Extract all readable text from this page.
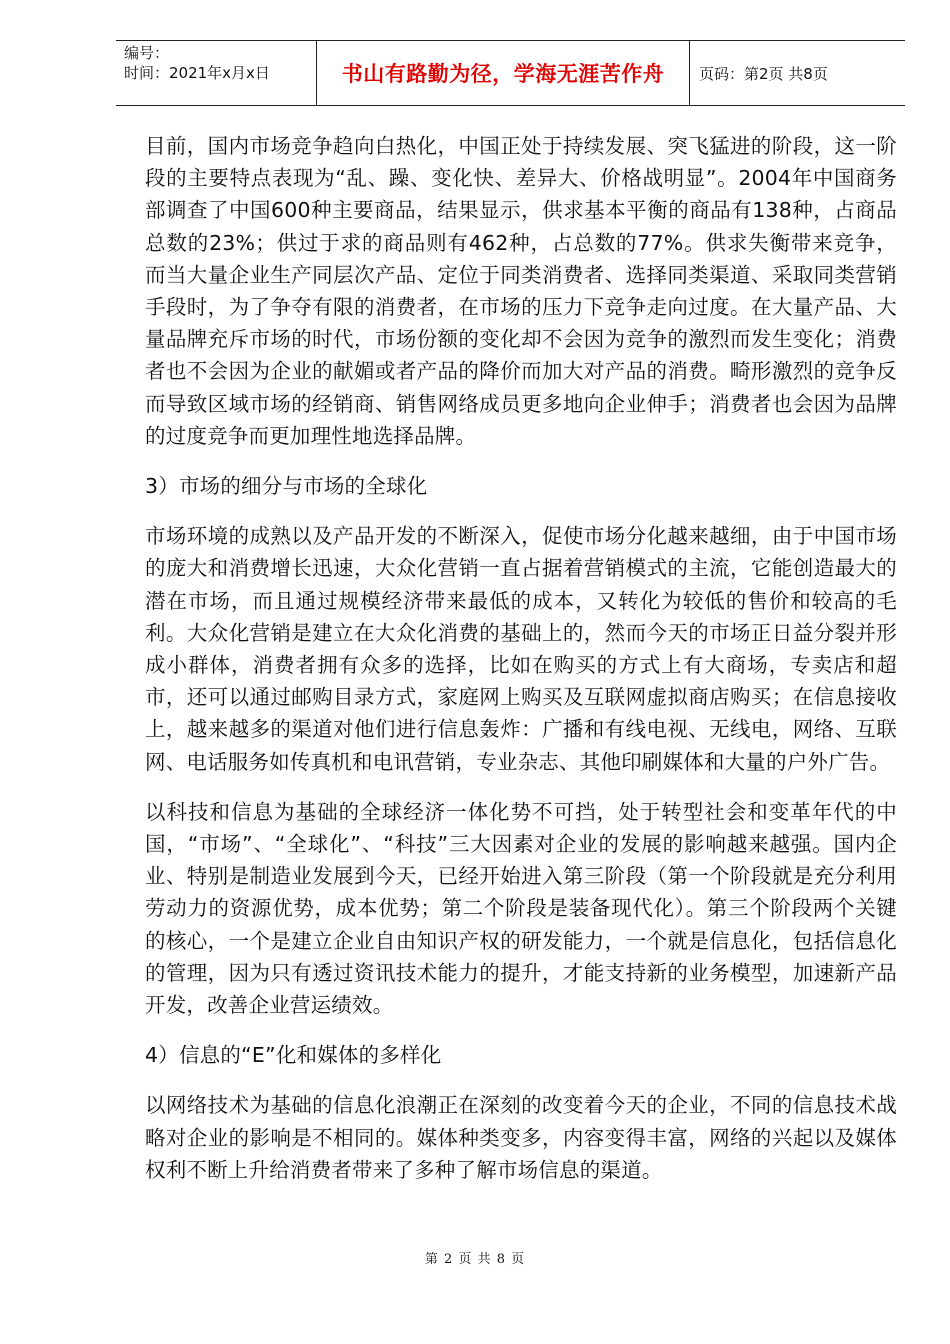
编号：
时间：2021年x月x日	书山有路勤为径，学海无涯苦作舟	页码：第2页 共8页

目前，国内市场竞争趋向白热化，中国正处于持续发展、突飞猛进的阶段，这一阶段的主要特点表现为“乱、躁、变化快、差异大、价格战明显”。2004年中国商务部调查了中国600种主要商品，结果显示，供求基本平衡的商品有138种，占商品总数的23%；供过于求的商品则有462种，占总数的77%。供求失衡带来竞争，而当大量企业生产同层次产品、定位于同类消费者、选择同类渠道、采取同类营销手段时，为了争夺有限的消费者，在市场的压力下竞争走向过度。在大量产品、大量品牌充斥市场的时代，市场份额的变化却不会因为竞争的激烈而发生变化；消费者也不会因为企业的献媚或者产品的降价而加大对产品的消费。畸形激烈的竞争反而导致区域市场的经销商、销售网络成员更多地向企业伸手；消费者也会因为品牌的过度竞争而更加理性地选择品牌。

3）市场的细分与市场的全球化

市场环境的成熟以及产品开发的不断深入，促使市场分化越来越细，由于中国市场的庞大和消费增长迅速，大众化营销一直占据着营销模式的主流，它能创造最大的潜在市场，而且通过规模经济带来最低的成本，又转化为较低的售价和较高的毛利。大众化营销是建立在大众化消费的基础上的，然而今天的市场正日益分裂并形成小群体，消费者拥有众多的选择，比如在购买的方式上有大商场，专卖店和超市，还可以通过邮购目录方式，家庭网上购买及互联网虚拟商店购买；在信息接收上，越来越多的渠道对他们进行信息轰炸：广播和有线电视、无线电，网络、互联网、电话服务如传真机和电讯营销，专业杂志、其他印刷媒体和大量的户外广告。

以科技和信息为基础的全球经济一体化势不可挡，处于转型社会和变革年代的中国，“市场”、“全球化”、“科技”三大因素对企业的发展的影响越来越强。国内企业、特别是制造业发展到今天，已经开始进入第三阶段（第一个阶段就是充分利用劳动力的资源优势，成本优势；第二个阶段是装备现代化）。第三个阶段两个关键的核心，一个是建立企业自由知识产权的研发能力，一个就是信息化，包括信息化的管理，因为只有透过资讯技术能力的提升，才能支持新的业务模型，加速新产品开发，改善企业营运绩效。

4）信息的“E”化和媒体的多样化

以网络技术为基础的信息化浪潮正在深刻的改变着今天的企业，不同的信息技术战略对企业的影响是不相同的。媒体种类变多，内容变得丰富，网络的兴起以及媒体权利不断上升给消费者带来了多种了解市场信息的渠道。

第 2 页 共 8 页
